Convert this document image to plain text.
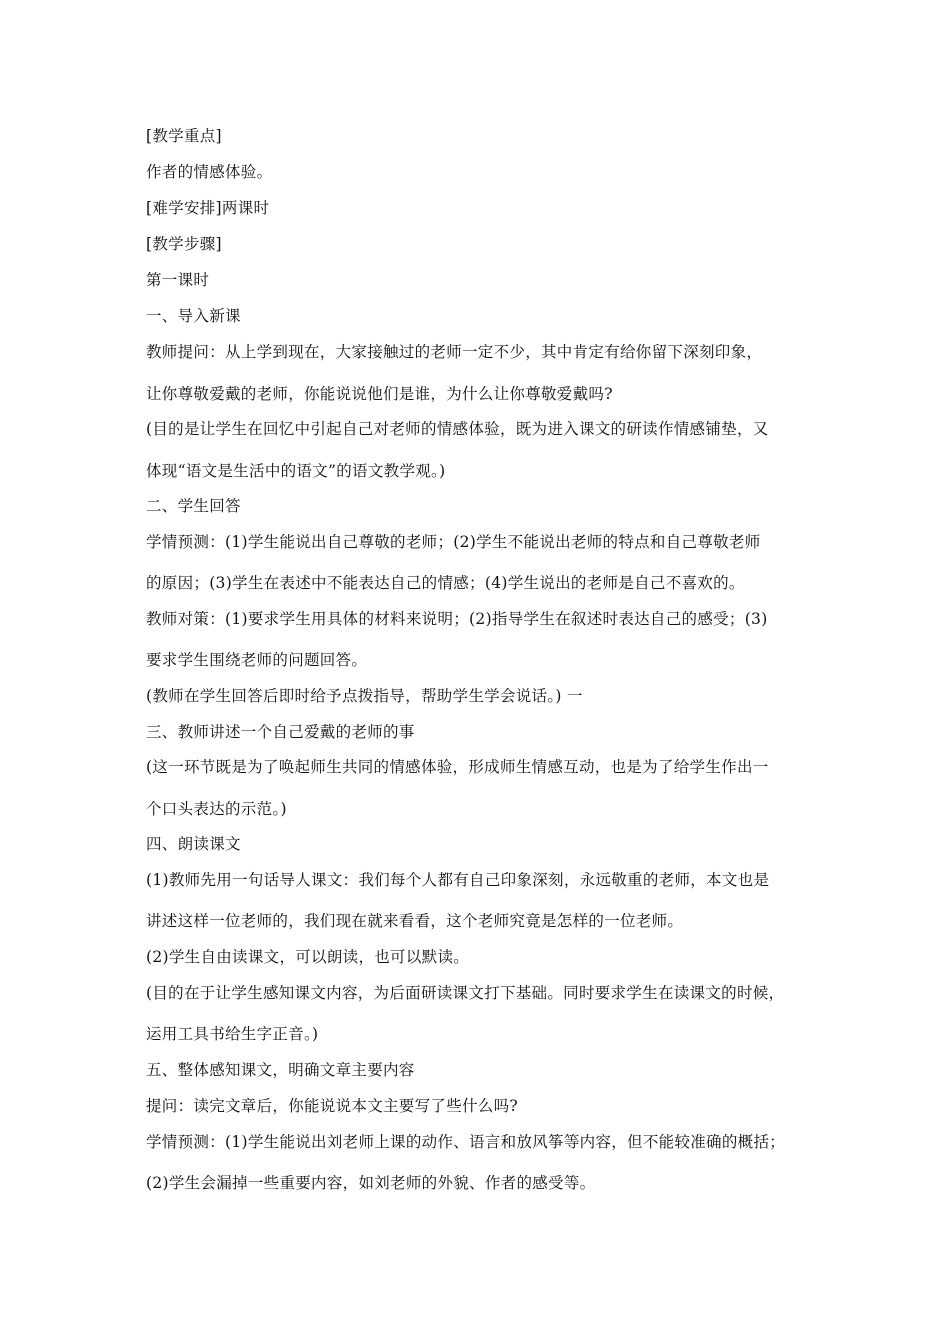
[教学重点]
作者的情感体验。
[难学安排]两课时
[教学步骤]
第一课时
一、导入新课
教师提问：从上学到现在，大家接触过的老师一定不少，其中肯定有给你留下深刻印象，
让你尊敬爱戴的老师，你能说说他们是谁，为什么让你尊敬爱戴吗?
(目的是让学生在回忆中引起自己对老师的情感体验，既为进入课文的研读作情感铺垫，又
体现“语文是生活中的语文”的语文教学观。)
二、学生回答
学情预测：(1)学生能说出自己尊敬的老师；(2)学生不能说出老师的特点和自己尊敬老师
的原因；(3)学生在表述中不能表达自己的情感；(4)学生说出的老师是自己不喜欢的。
教师对策：(1)要求学生用具体的材料来说明；(2)指导学生在叙述时表达自己的感受；(3)
要求学生围绕老师的问题回答。
(教师在学生回答后即时给予点拨指导，帮助学生学会说话。) 一
三、教师讲述一个自己爱戴的老师的事
(这一环节既是为了唤起师生共同的情感体验，形成师生情感互动，也是为了给学生作出一
个口头表达的示范。)
四、朗读课文
(1)教师先用一句话导人课文：我们每个人都有自己印象深刻，永远敬重的老师，本文也是
讲述这样一位老师的，我们现在就来看看，这个老师究竟是怎样的一位老师。
(2)学生自由读课文，可以朗读，也可以默读。
(目的在于让学生感知课文内容，为后面研读课文打下基础。同时要求学生在读课文的时候，
运用工具书给生字正音。)
五、整体感知课文，明确文章主要内容
提问：读完文章后，你能说说本文主要写了些什么吗?
学情预测：(1)学生能说出刘老师上课的动作、语言和放风筝等内容，但不能较准确的概括；
(2)学生会漏掉一些重要内容，如刘老师的外貌、作者的感受等。
